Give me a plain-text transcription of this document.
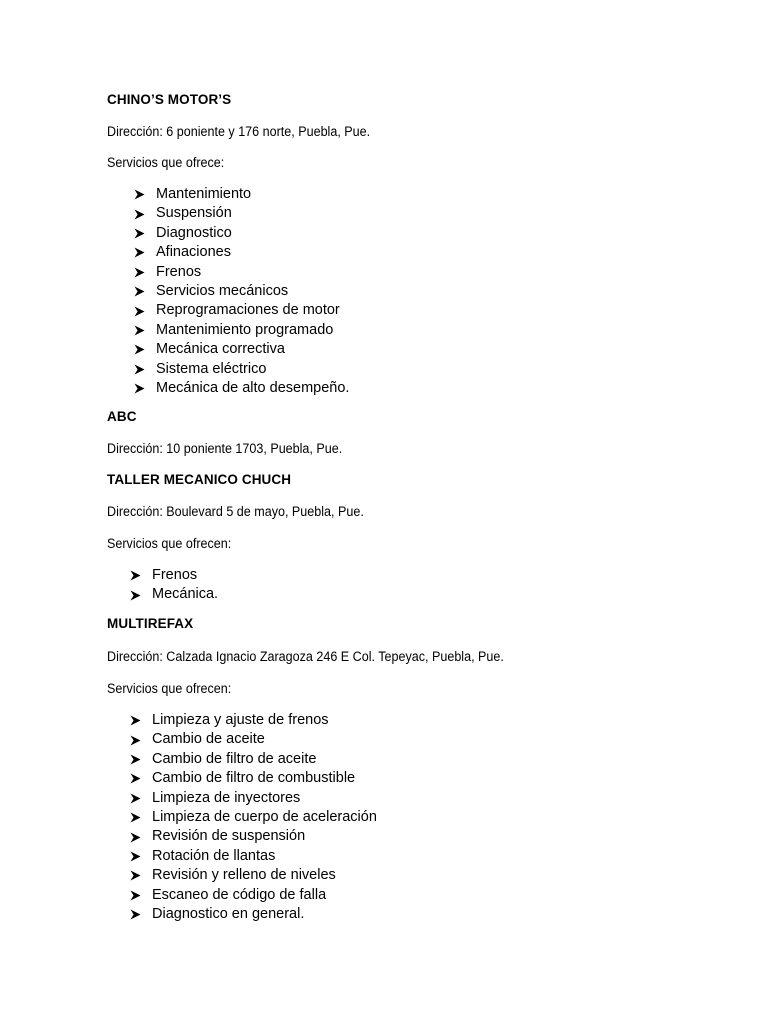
CHINO’S MOTOR’S

Dirección: 6 poniente y 176 norte, Puebla, Pue.

Servicios que ofrece:

Mantenimiento
Suspensión
Diagnostico
Afinaciones
Frenos
Servicios mecánicos
Reprogramaciones de motor
Mantenimiento programado
Mecánica correctiva
Sistema eléctrico
Mecánica de alto desempeño.

ABC

Dirección: 10 poniente 1703, Puebla, Pue.

TALLER MECANICO CHUCH

Dirección: Boulevard 5 de mayo, Puebla, Pue.

Servicios que ofrecen:

Frenos
Mecánica.

MULTIREFAX

Dirección: Calzada Ignacio Zaragoza 246 E Col. Tepeyac, Puebla, Pue.

Servicios que ofrecen:

Limpieza y ajuste de frenos
Cambio de aceite
Cambio de filtro de aceite
Cambio de filtro de combustible
Limpieza de inyectores
Limpieza de cuerpo de aceleración
Revisión de suspensión
Rotación de llantas
Revisión y relleno de niveles
Escaneo de código de falla
Diagnostico en general.
